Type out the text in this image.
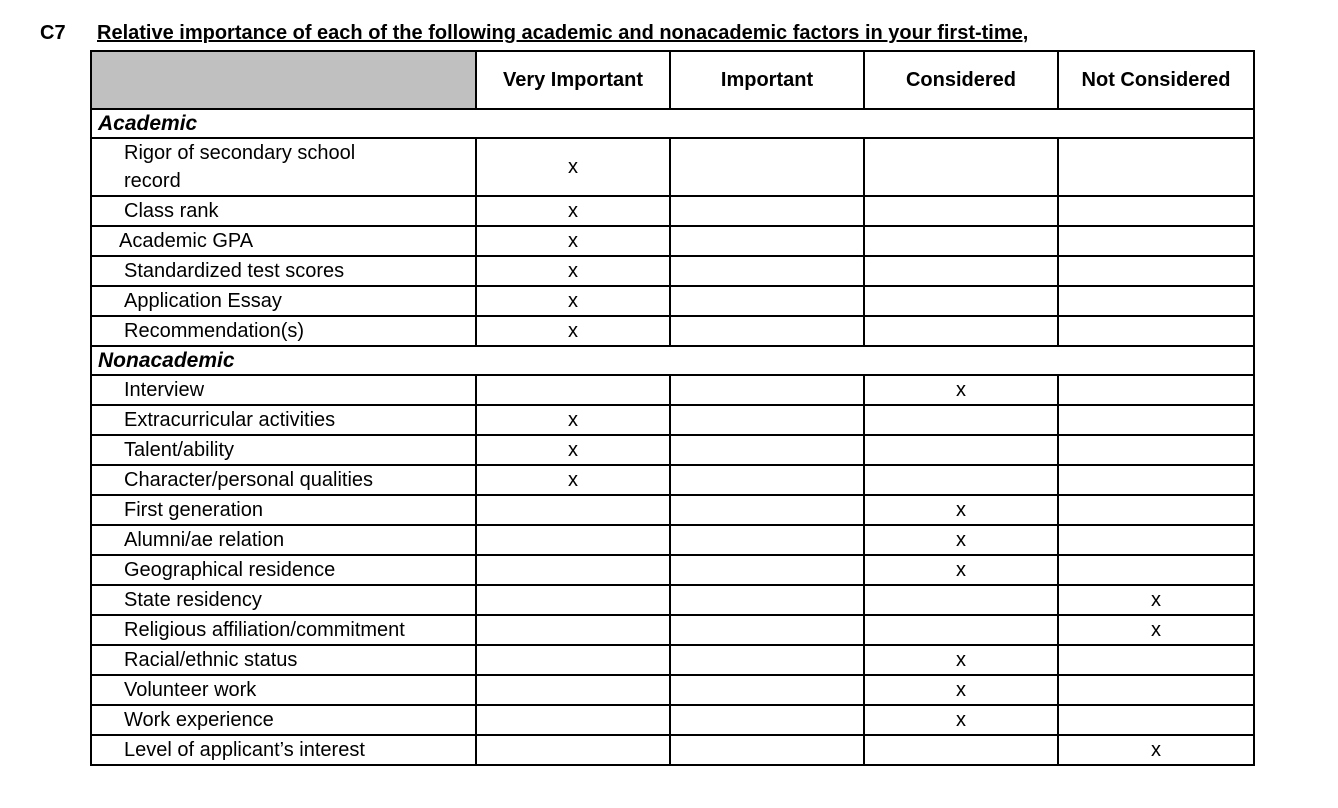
C7 Relative importance of each of the following academic and nonacademic factors in your first-time,
	Very Important	Important	Considered	Not Considered
Academic				
Rigor of secondary school record	x			
Class rank	x			
Academic GPA	x			
Standardized test scores	x			
Application Essay	x			
Recommendation(s)	x			
Nonacademic				
Interview			x	
Extracurricular activities	x			
Talent/ability	x			
Character/personal qualities	x			
First generation			x	
Alumni/ae relation			x	
Geographical residence			x	
State residency				x
Religious affiliation/commitment				x
Racial/ethnic status			x	
Volunteer work			x	
Work experience			x	
Level of applicant’s interest				x
